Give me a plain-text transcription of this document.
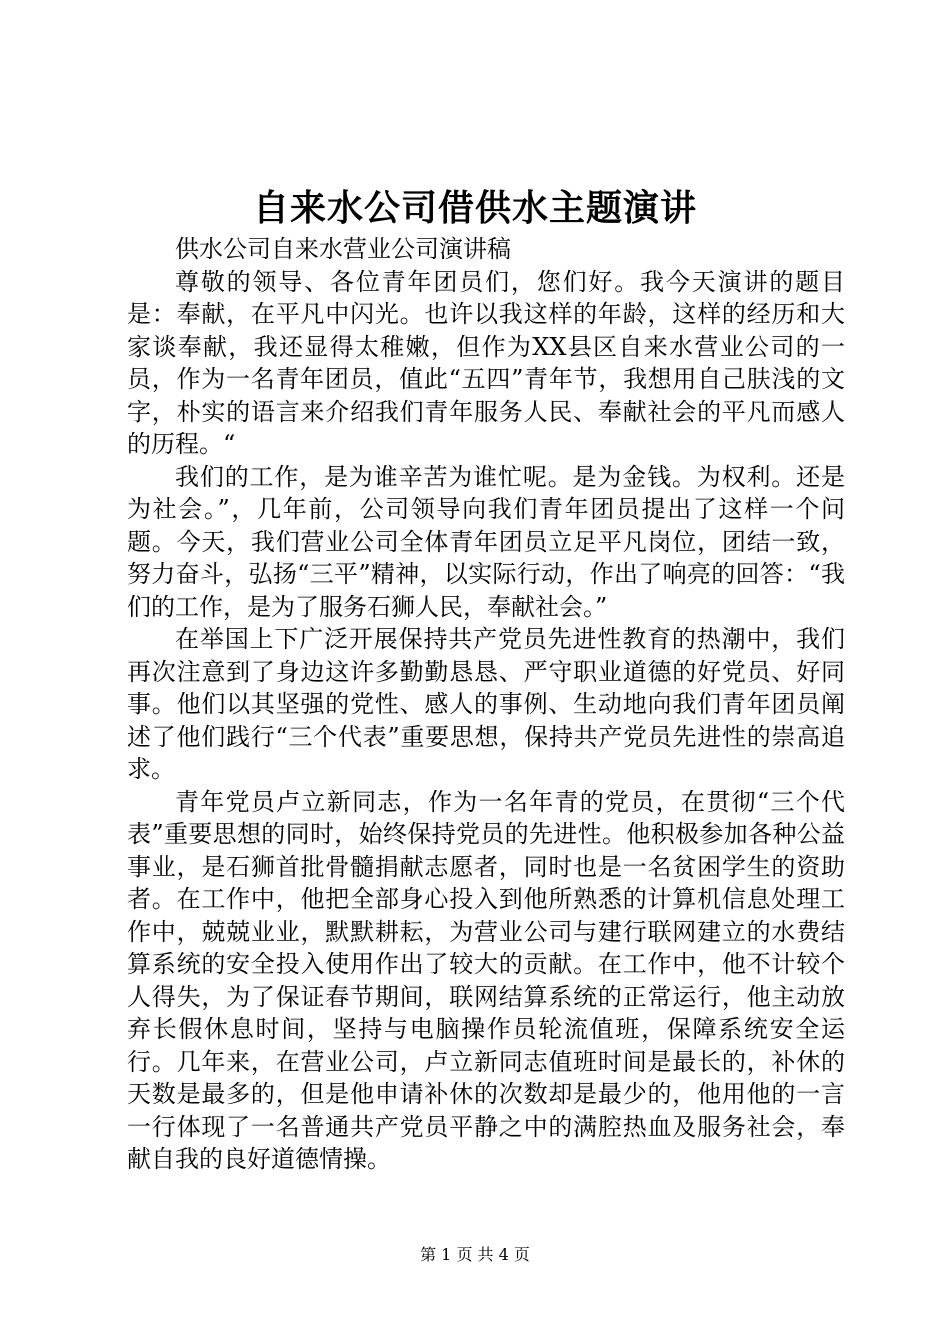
自来水公司借供水主题演讲

供水公司自来水营业公司演讲稿

尊敬的领导、各位青年团员们，您们好。我今天演讲的题目是：奉献，在平凡中闪光。也许以我这样的年龄，这样的经历和大家谈奉献，我还显得太稚嫩，但作为XX县区自来水营业公司的一员，作为一名青年团员，值此“五四”青年节，我想用自己肤浅的文字，朴实的语言来介绍我们青年服务人民、奉献社会的平凡而感人的历程。“

我们的工作，是为谁辛苦为谁忙呢。是为金钱。为权利。还是为社会。”，几年前，公司领导向我们青年团员提出了这样一个问题。今天，我们营业公司全体青年团员立足平凡岗位，团结一致，努力奋斗，弘扬“三平”精神，以实际行动，作出了响亮的回答：“我们的工作，是为了服务石狮人民，奉献社会。”

在举国上下广泛开展保持共产党员先进性教育的热潮中，我们再次注意到了身边这许多勤勤恳恳、严守职业道德的好党员、好同事。他们以其坚强的党性、感人的事例、生动地向我们青年团员阐述了他们践行“三个代表”重要思想，保持共产党员先进性的崇高追求。

青年党员卢立新同志，作为一名年青的党员，在贯彻“三个代表”重要思想的同时，始终保持党员的先进性。他积极参加各种公益事业，是石狮首批骨髓捐献志愿者，同时也是一名贫困学生的资助者。在工作中，他把全部身心投入到他所熟悉的计算机信息处理工作中，兢兢业业，默默耕耘，为营业公司与建行联网建立的水费结算系统的安全投入使用作出了较大的贡献。在工作中，他不计较个人得失，为了保证春节期间，联网结算系统的正常运行，他主动放弃长假休息时间，坚持与电脑操作员轮流值班，保障系统安全运行。几年来，在营业公司，卢立新同志值班时间是最长的，补休的天数是最多的，但是他申请补休的次数却是最少的，他用他的一言一行体现了一名普通共产党员平静之中的满腔热血及服务社会，奉献自我的良好道德情操。

第 1 页 共 4 页
